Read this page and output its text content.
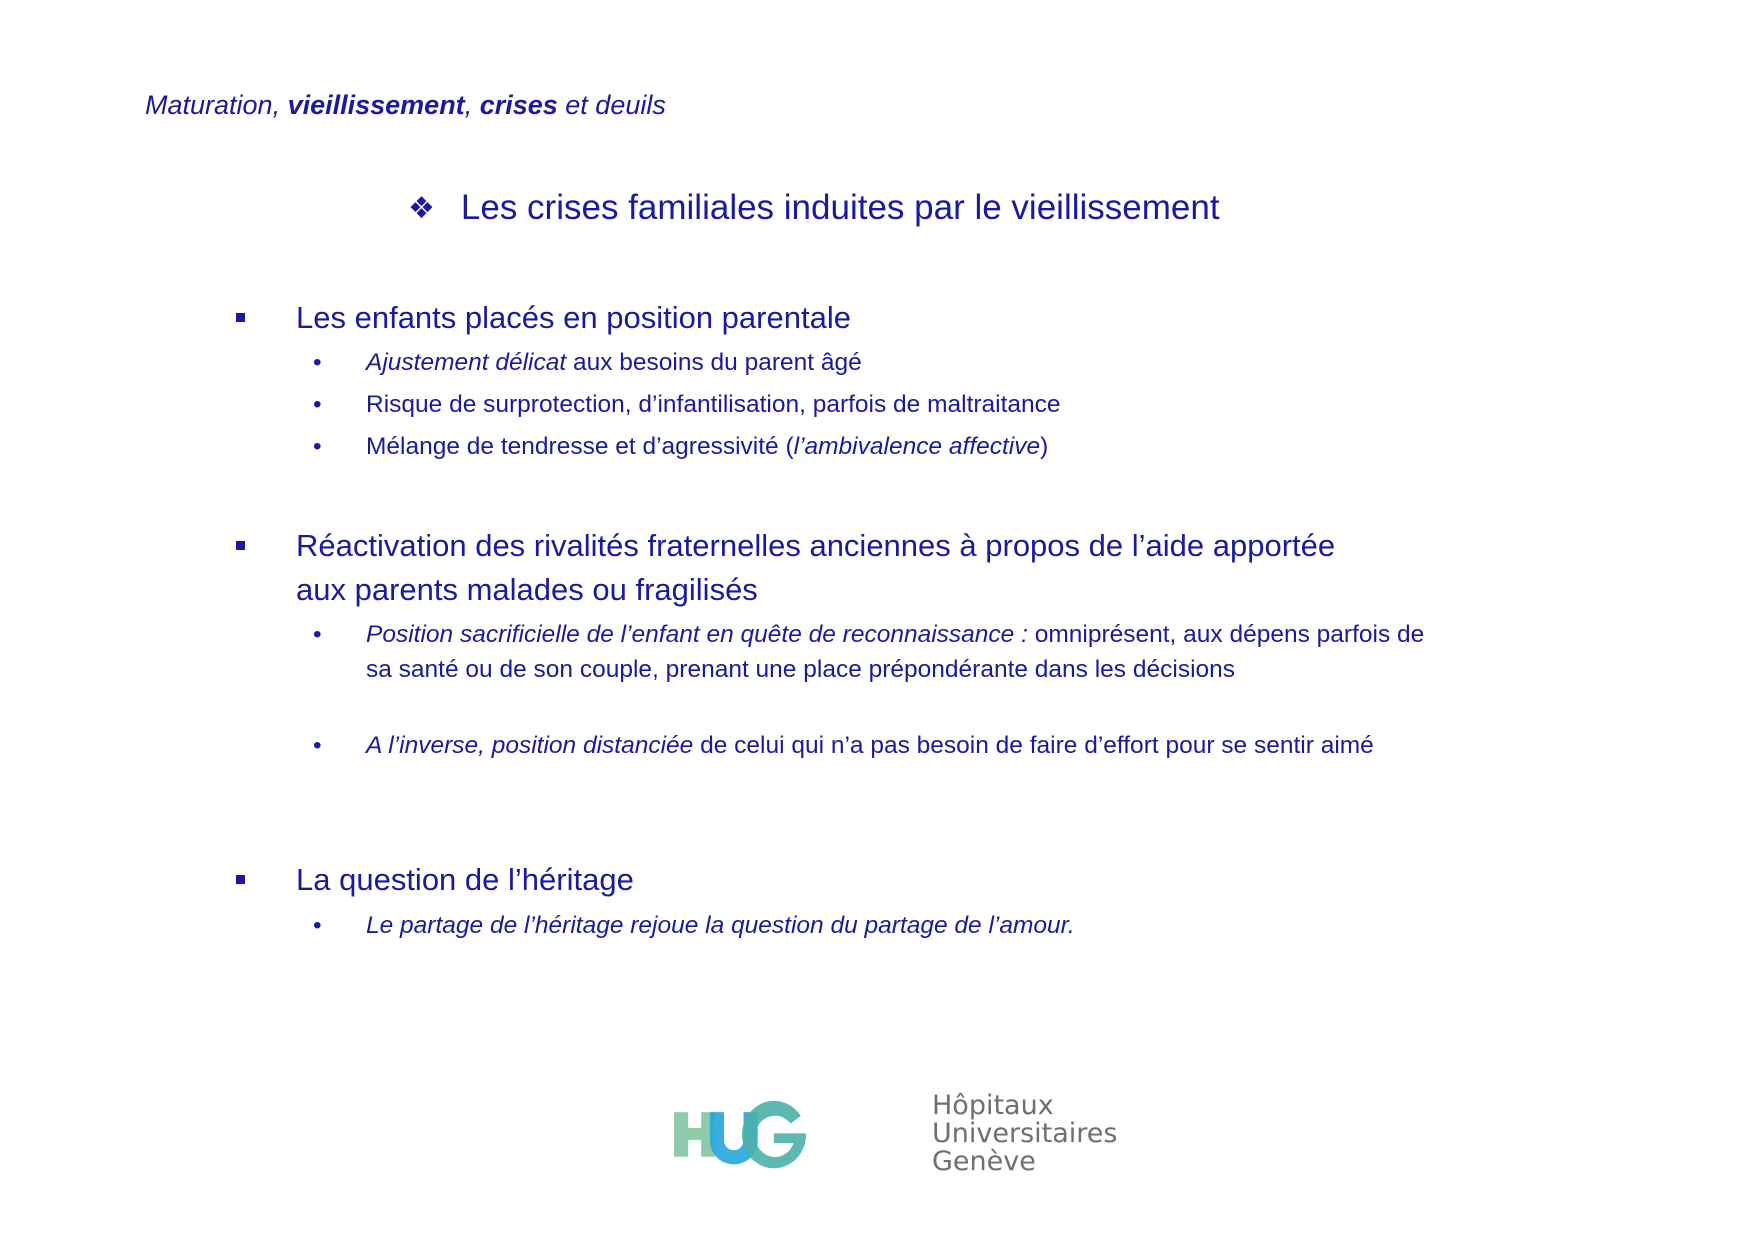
Maturation, vieillissement, crises et deuils
❖ Les crises familiales induites par le vieillissement
Les enfants placés en position parentale
• Ajustement délicat aux besoins du parent âgé
• Risque de surprotection, d’infantilisation, parfois de maltraitance
• Mélange de tendresse et d’agressivité (l’ambivalence affective)
Réactivation des rivalités fraternelles anciennes à propos de l’aide apportée
aux parents malades ou fragilisés
• Position sacrificielle de l’enfant en quête de reconnaissance : omniprésent, aux dépens parfois de sa santé ou de son couple, prenant une place prépondérante dans les décisions
• A l’inverse, position distanciée de celui qui n’a pas besoin de faire d’effort pour se sentir aimé
La question de l’héritage
• Le partage de l’héritage rejoue la question du partage de l’amour.
Hôpitaux
Universitaires
Genève
